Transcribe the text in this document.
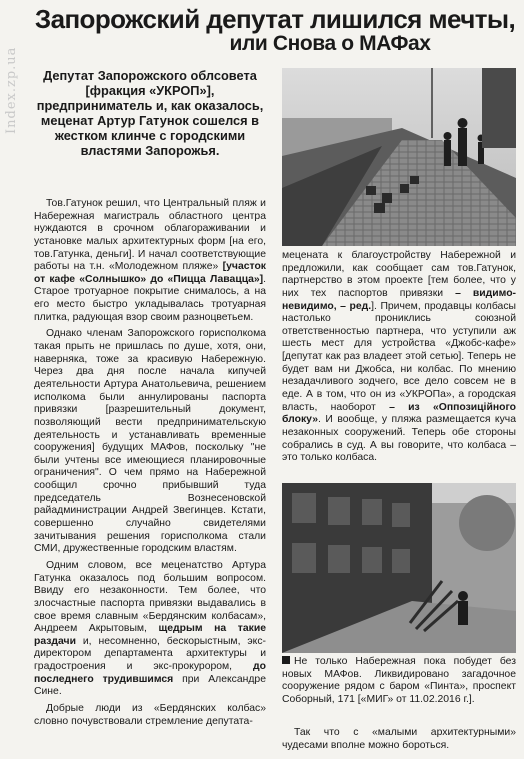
Index.zp.ua
Запорожский депутат лишился мечты,
или Снова о МАФах
Депутат Запорожского облсовета [фракция «УКРОП»], предприниматель и, как оказалось, меценат Артур Гатунок сошелся в жестком клинче с городскими властями Запорожья.

Тов.Гатунок решил, что Центральный пляж и Набережная магистраль областного центра нуждаются в срочном облагораживании и установке малых архитектурных форм [на его, тов.Гатунка, деньги]. И начал соответствующие работы на т.н. «Молодежном пляже» [участок от кафе «Солнышко» до «Пицца Лаваццa»]. Старое тротуарное покрытие снималось, а на его место быстро укладывалась тротуарная плитка, радующая взор своим разноцветьем.

Однако членам Запорожского горисполкома такая прыть не пришлась по душе, хотя, они, наверняка, тоже за красивую Набережную. Через два дня после начала кипучей деятельности Артура Анатольевича, решением исполкома были аннулированы паспорта привязки [разрешительный документ, позволяющий вести предпринимательскую деятельность и устанавливать временные сооружения] будущих МАФов, поскольку "не были учтены все имеющиеся планировочные ограничения". О чем прямо на Набережной сообщил срочно прибывший туда председатель Вознесеновской райадминистрации Андрей Звегинцев. Кстати, совершенно случайно свидетелями зачитывания решения горисполкома стали СМИ, дружественные городским властям.

Одним словом, все меценатство Артура Гатунка оказалось под большим вопросом. Ввиду его незаконности. Тем более, что злосчастные паспорта привязки выдавались в свое время славным «Бердянским колбасам», Андреем Акрытовым, щедрым на такие раздачи и, несомненно, бескорыстным, экс-директором департамента архитектуры и градостроения и экс-прокурором, до последнего трудившимся при Александре Сине.

Добрые люди из «Бердянских колбас» словно почувствовали стремление депутата-

мецената к благоустройству Набережной и предложили, как сообщает сам тов.Гатунок, партнерство в этом проекте [тем более, что у них тех паспортов привязки – видимо-невидимо, – ред.]. Причем, продавцы колбасы настолько прониклись союзной ответственностью партнера, что уступили аж шесть мест для устройства «Джобс-кафе» [депутат как раз владеет этой сетью]. Теперь не будет вам ни Джобса, ни колбас. По мнению незадачливого зодчего, все дело совсем не в еде. А в том, что он из «УКРОПа», а городская власть, наоборот – из «Оппозиційного блоку». И вообще, у пляжа размещается куча незаконных сооружений. Теперь обе стороны собрались в суд. А вы говорите, что колбаса – это только колбаса.

Не только Набережная пока побудет без новых МАФов. Ликвидировано загадочное сооружение рядом с баром «Пинта», проспект Соборный, 171 [«МИГ» от 11.02.2016 г.].
Так что с «малыми архитектурными» чудесами вполне можно бороться.
